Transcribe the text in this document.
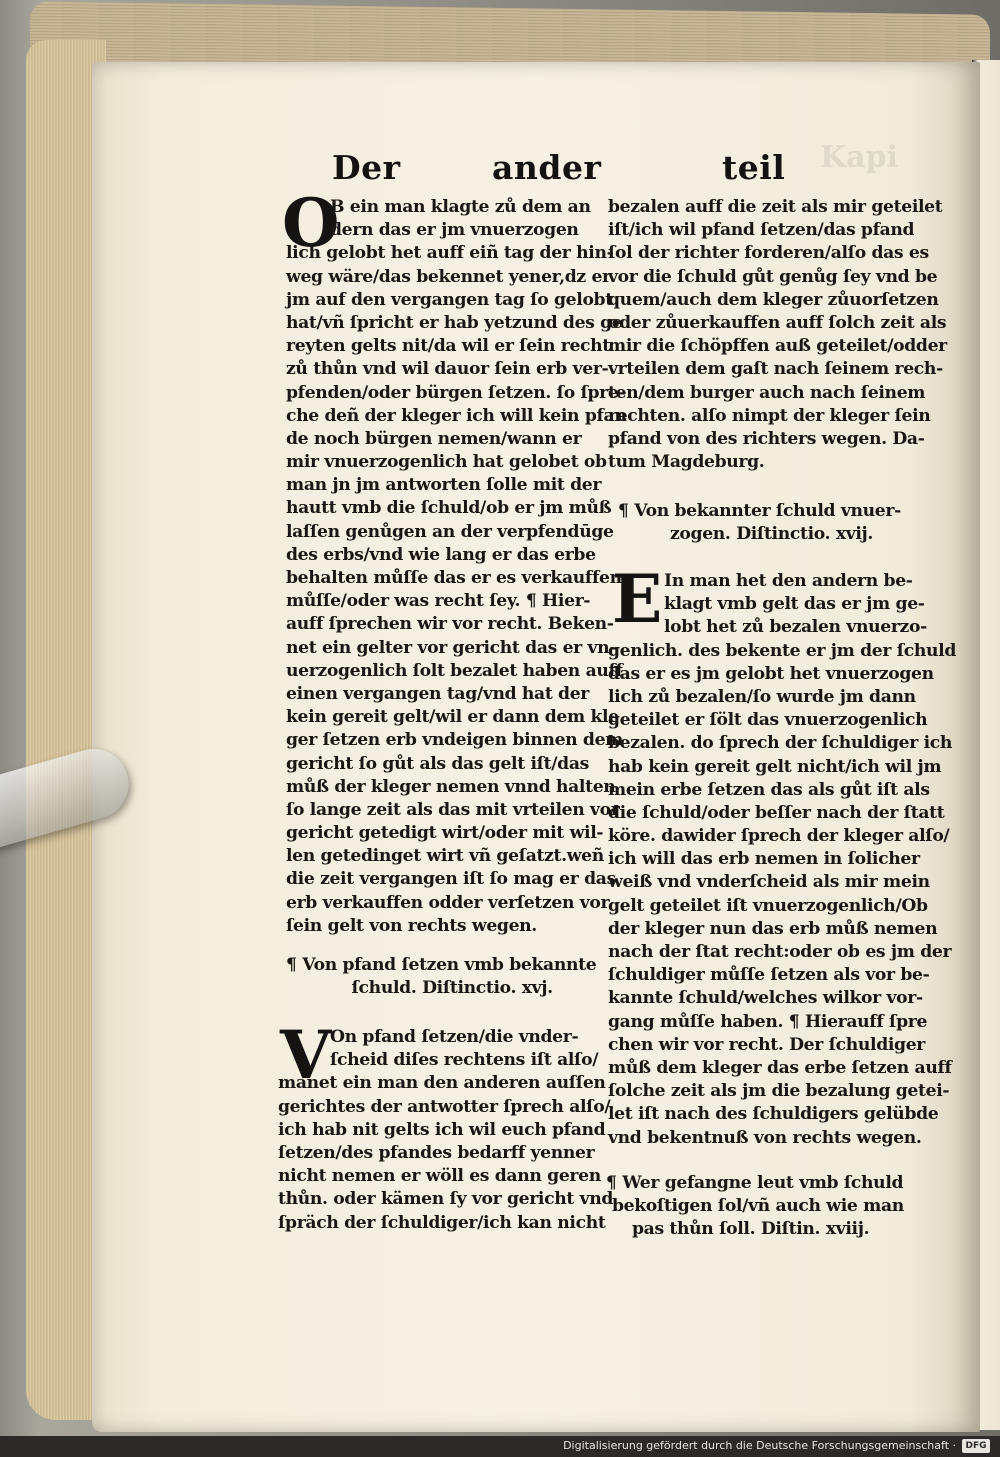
Kapi
Der	ander	teil
O
B ein man klagte zů dem an
dern das er jm vnuerzogen
lich gelobt het auff eiñ tag der hin-
weg wäre/das bekennet yener,dz er
jm auf den vergangen tag ſo gelobt
hat/vñ ſpricht er hab yetzund des ge
reyten gelts nit/da wil er ſein recht
zů thůn vnd wil dauor ſein erb ver-
pfenden/oder bürgen ſetzen. ſo ſpre-
che deñ der kleger ich will kein pfan
de noch bürgen nemen/wann er
mir vnuerzogenlich hat gelobet ob
man jn jm antworten ſolle mit der
hautt vmb die ſchuld/ob er jm můß
laſſen genůgen an der verpfendūge
des erbs/vnd wie lang er das erbe
behalten můſſe das er es verkauffen
můſſe/oder was recht ſey. ¶ Hier-
auff ſprechen wir vor recht. Beken-
net ein gelter vor gericht das er vn-
uerzogenlich ſolt bezalet haben auff
einen vergangen tag/vnd hat der
kein gereit gelt/wil er dann dem kle
ger ſetzen erb vndeigen binnen dem
gericht ſo gůt als das gelt iſt/das
můß der kleger nemen vnnd halten
ſo lange zeit als das mit vrteilen vor
gericht getedigt wirt/oder mit wil-
len getedinget wirt vñ geſatzt.weñ
die zeit vergangen iſt ſo mag er das
erb verkauffen odder verſetzen vor
ſein gelt von rechts wegen.
¶ Von pfand ſetzen vmb bekannte
ſchuld. Diſtinctio. xvj.
V
On pfand ſetzen/die vnder-
ſcheid diſes rechtens iſt alſo/
manet ein man den anderen auſſen
gerichtes der antwotter ſprech alſo/
ich hab nit gelts ich wil euch pfand
ſetzen/des pfandes bedarff yenner
nicht nemen er wöll es dann geren
thůn. oder kämen ſy vor gericht vnd
ſpräch der ſchuldiger/ich kan nicht
bezalen auff die zeit als mir geteilet
iſt/ich wil pfand ſetzen/das pfand
ſol der richter forderen/alſo das es
vor die ſchuld gůt genůg ſey vnd be
quem/auch dem kleger zůuorſetzen
oder zůuerkauffen auff ſolch zeit als
mir die ſchöpffen auß geteilet/odder
vrteilen dem gaſt nach ſeinem rech-
ten/dem burger auch nach ſeinem
rechten. alſo nimpt der kleger ſein
pfand von des richters wegen. Da-
tum Magdeburg.
¶ Von bekannter ſchuld vnuer-
zogen. Diſtinctio. xvij.
E In man het den andern be-
klagt vmb gelt das er jm ge-
lobt het zů bezalen vnuerzo-
genlich. des bekente er jm der ſchuld
das er es jm gelobt het vnuerzogen
lich zů bezalen/ſo wurde jm dann
geteilet er ſölt das vnuerzogenlich
bezalen. do ſprech der ſchuldiger ich
hab kein gereit gelt nicht/ich wil jm
mein erbe ſetzen das als gůt iſt als
die ſchuld/oder beſſer nach der ſtatt
köre. dawider ſprech der kleger alſo/
ich will das erb nemen in ſolicher
weiß vnd vnderſcheid als mir mein
gelt geteilet iſt vnuerzogenlich/Ob
der kleger nun das erb můß nemen
nach der ſtat recht:oder ob es jm der
ſchuldiger můſſe ſetzen als vor be-
kannte ſchuld/welches wilkor vor-
gang můſſe haben. ¶ Hierauff ſpre
chen wir vor recht. Der ſchuldiger
můß dem kleger das erbe ſetzen auff
ſolche zeit als jm die bezalung getei-
let iſt nach des ſchuldigers gelübde
vnd bekentnuß von rechts wegen.
¶ Wer gefangne leut vmb ſchuld
bekoſtigen ſol/vñ auch wie man
pas thůn ſoll. Diſtin. xviij.
Digitalisierung gefördert durch die Deutsche Forschungsgemeinschaft ·	DFG
